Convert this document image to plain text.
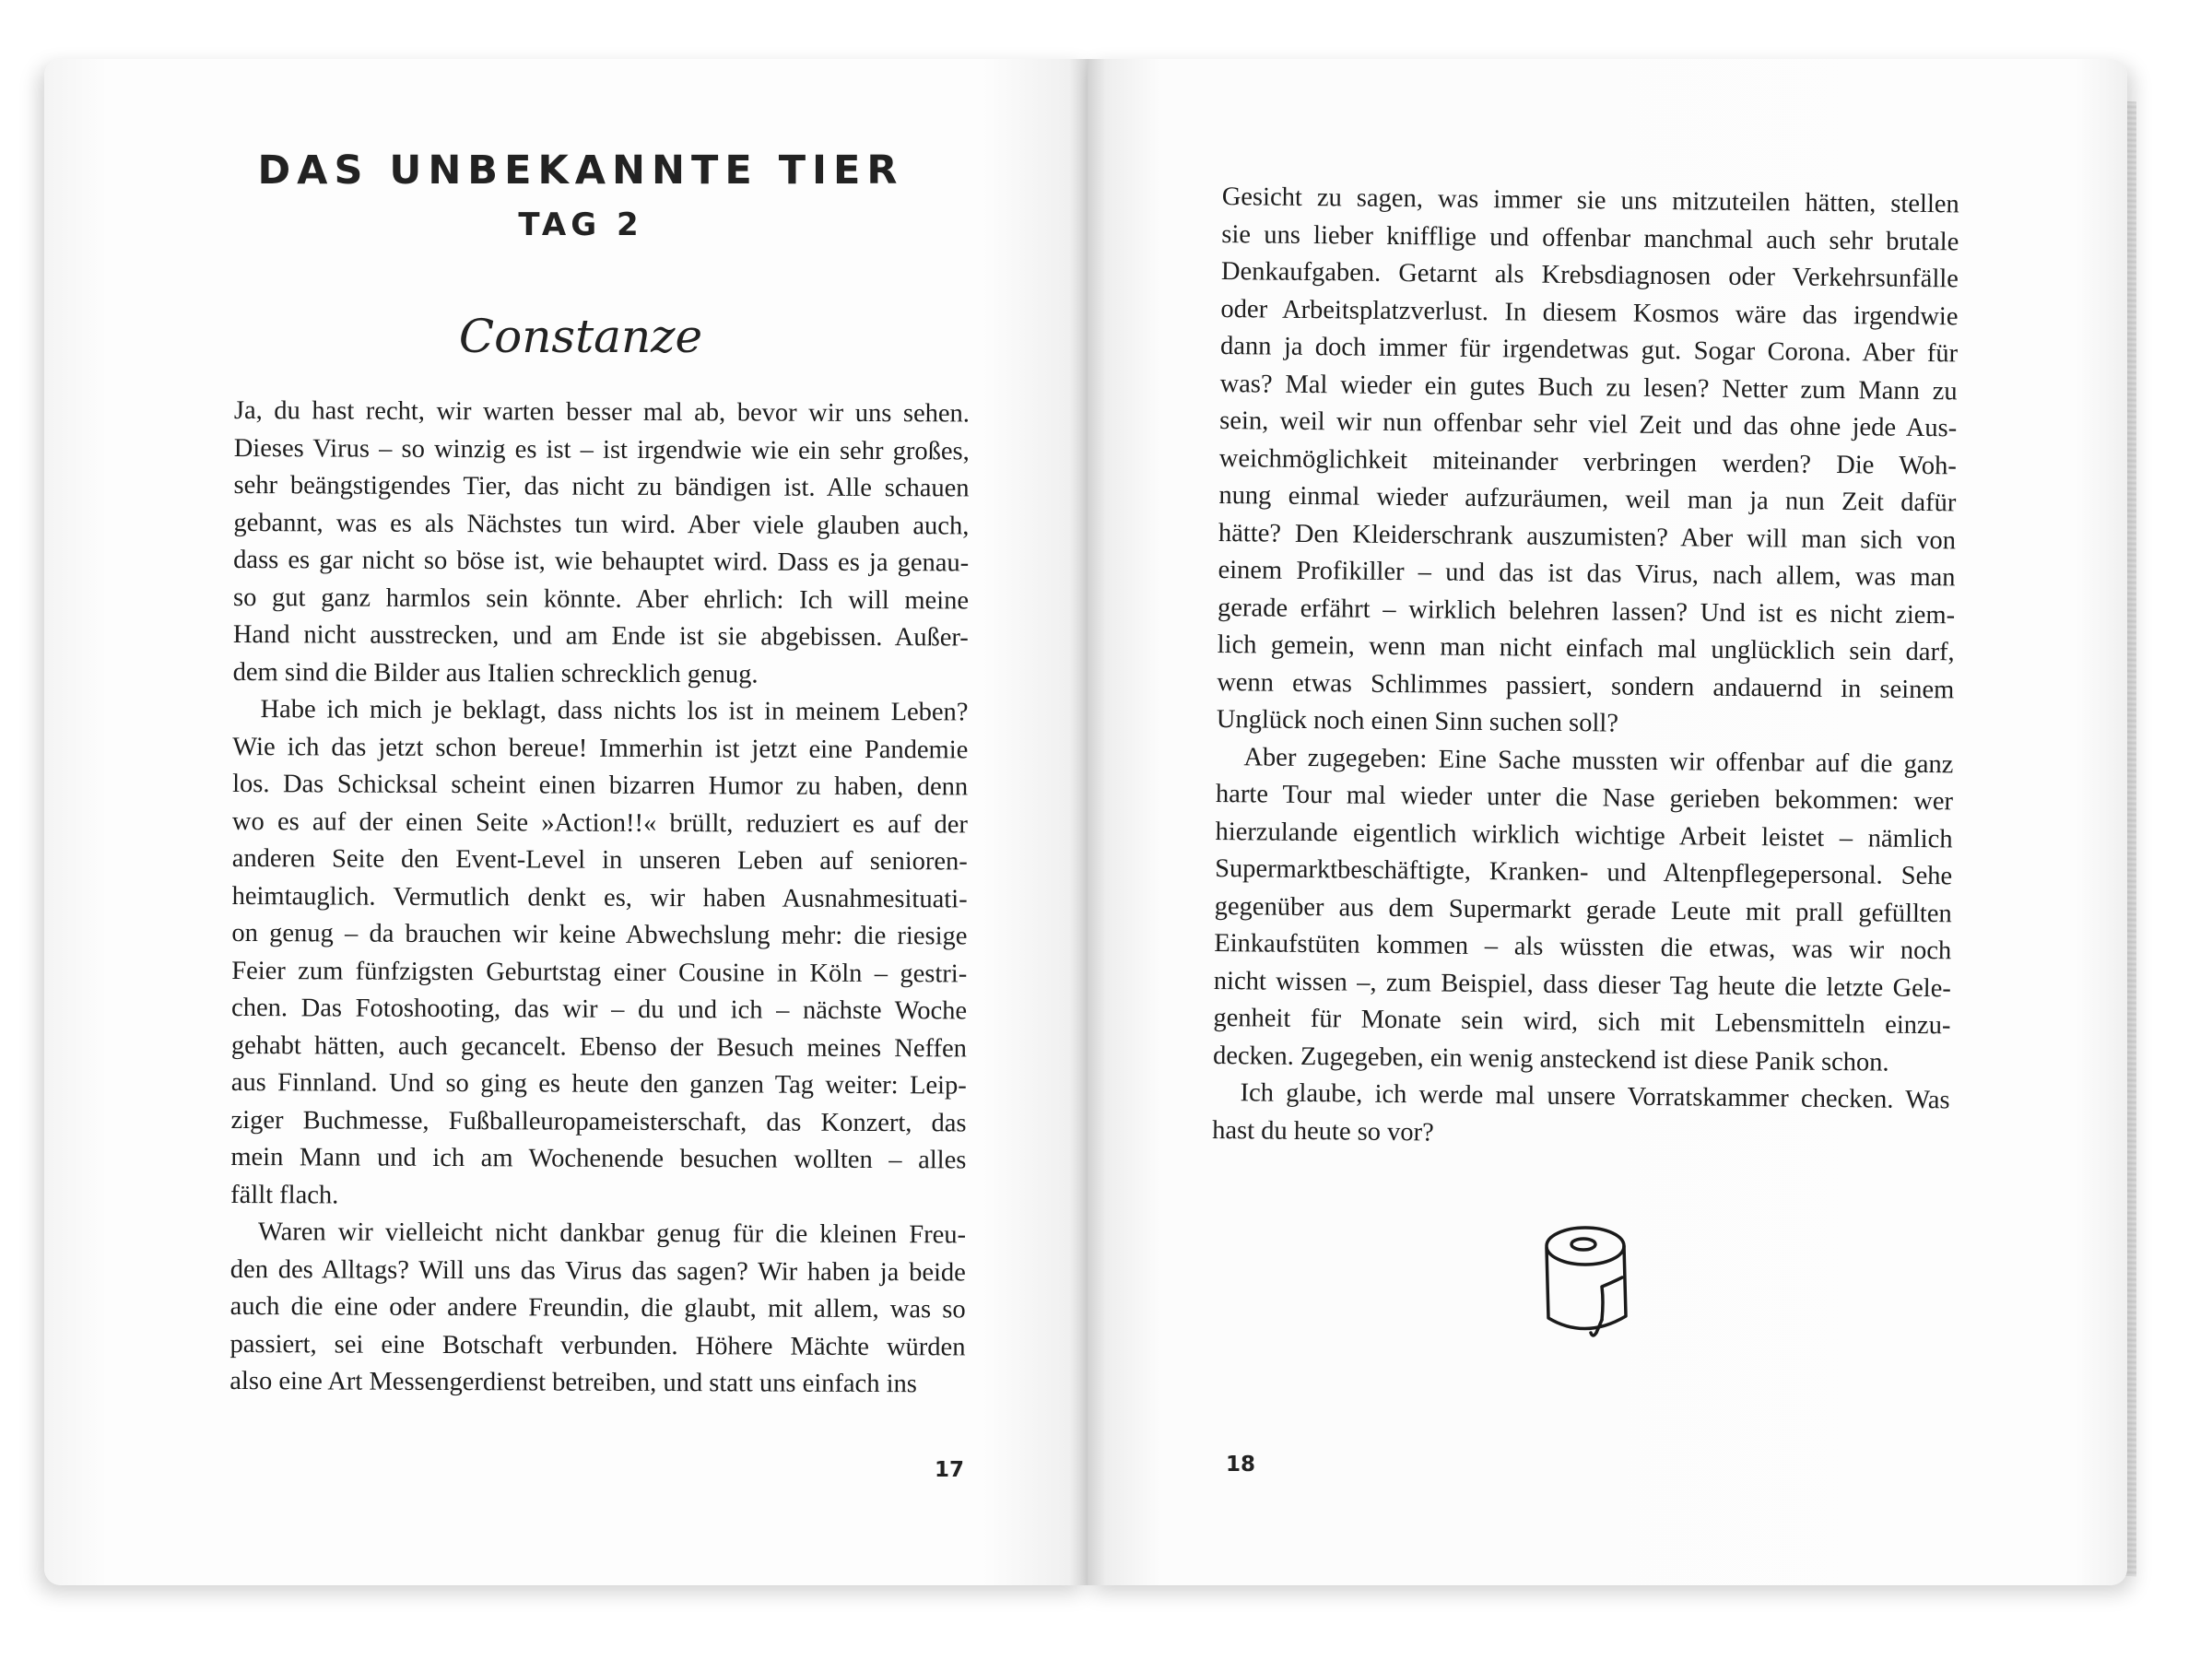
DAS UNBEKANNTE TIER
TAG 2
Constanze
Ja, du hast recht, wir warten besser mal ab, bevor wir uns sehen.
Dieses Virus – so winzig es ist – ist irgendwie wie ein sehr großes,
sehr beängstigendes Tier, das nicht zu bändigen ist. Alle schauen
gebannt, was es als Nächstes tun wird. Aber viele glauben auch,
dass es gar nicht so böse ist, wie behauptet wird. Dass es ja genau-
so gut ganz harmlos sein könnte. Aber ehrlich: Ich will meine
Hand nicht ausstrecken, und am Ende ist sie abgebissen. Außer-
dem sind die Bilder aus Italien schrecklich genug.
Habe ich mich je beklagt, dass nichts los ist in meinem Leben?
Wie ich das jetzt schon bereue! Immerhin ist jetzt eine Pandemie
los. Das Schicksal scheint einen bizarren Humor zu haben, denn
wo es auf der einen Seite »Action!!« brüllt, reduziert es auf der
anderen Seite den Event-Level in unseren Leben auf senioren-
heimtauglich. Vermutlich denkt es, wir haben Ausnahmesituati-
on genug – da brauchen wir keine Abwechslung mehr: die riesige
Feier zum fünfzigsten Geburtstag einer Cousine in Köln – gestri-
chen. Das Fotoshooting, das wir – du und ich – nächste Woche
gehabt hätten, auch gecancelt. Ebenso der Besuch meines Neffen
aus Finnland. Und so ging es heute den ganzen Tag weiter: Leip-
ziger Buchmesse, Fußballeuropameisterschaft, das Konzert, das
mein Mann und ich am Wochenende besuchen wollten – alles
fällt flach.
Waren wir vielleicht nicht dankbar genug für die kleinen Freu-
den des Alltags? Will uns das Virus das sagen? Wir haben ja beide
auch die eine oder andere Freundin, die glaubt, mit allem, was so
passiert, sei eine Botschaft verbunden. Höhere Mächte würden
also eine Art Messengerdienst betreiben, und statt uns einfach ins
Gesicht zu sagen, was immer sie uns mitzuteilen hätten, stellen
sie uns lieber knifflige und offenbar manchmal auch sehr brutale
Denkaufgaben. Getarnt als Krebsdiagnosen oder Verkehrsunfälle
oder Arbeitsplatzverlust. In diesem Kosmos wäre das irgendwie
dann ja doch immer für irgendetwas gut. Sogar Corona. Aber für
was? Mal wieder ein gutes Buch zu lesen? Netter zum Mann zu
sein, weil wir nun offenbar sehr viel Zeit und das ohne jede Aus-
weichmöglichkeit miteinander verbringen werden? Die Woh-
nung einmal wieder aufzuräumen, weil man ja nun Zeit dafür
hätte? Den Kleiderschrank auszumisten? Aber will man sich von
einem Profikiller – und das ist das Virus, nach allem, was man
gerade erfährt – wirklich belehren lassen? Und ist es nicht ziem-
lich gemein, wenn man nicht einfach mal unglücklich sein darf,
wenn etwas Schlimmes passiert, sondern andauernd in seinem
Unglück noch einen Sinn suchen soll?
Aber zugegeben: Eine Sache mussten wir offenbar auf die ganz
harte Tour mal wieder unter die Nase gerieben bekommen: wer
hierzulande eigentlich wirklich wichtige Arbeit leistet – nämlich
Supermarktbeschäftigte, Kranken- und Altenpflegepersonal. Sehe
gegenüber aus dem Supermarkt gerade Leute mit prall gefüllten
Einkaufstüten kommen – als wüssten die etwas, was wir noch
nicht wissen –, zum Beispiel, dass dieser Tag heute die letzte Gele-
genheit für Monate sein wird, sich mit Lebensmitteln einzu-
decken. Zugegeben, ein wenig ansteckend ist diese Panik schon.
Ich glaube, ich werde mal unsere Vorratskammer checken. Was
hast du heute so vor?
17	18
